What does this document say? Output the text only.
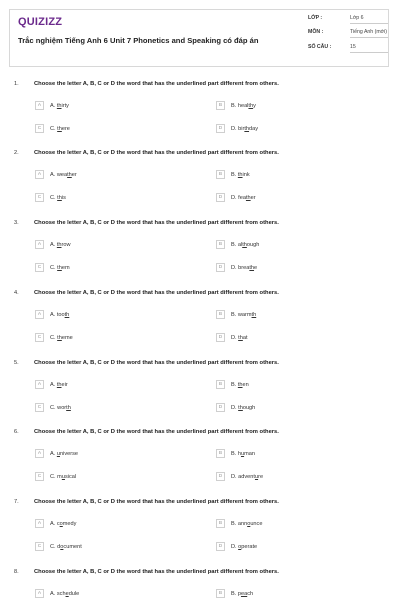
QUIZIZZ
Trắc nghiệm Tiếng Anh 6 Unit 7 Phonetics and Speaking có đáp án
LỚP :	Lớp 6
MÔN :	Tiếng Anh (mới)
SỐ CÂU :	15
1.	Choose the letter A, B, C or D the word that has the underlined part different from others.
A	A. thirty	B	B. healthy
C	C. there	D	D. birthday
2.	Choose the letter A, B, C or D the word that has the underlined part different from others.
A	A. weather	B	B. think
C	C. this	D	D. feather
3.	Choose the letter A, B, C or D the word that has the underlined part different from others.
A	A. throw	B	B. although
C	C. them	D	D. breathe
4.	Choose the letter A, B, C or D the word that has the underlined part different from others.
A	A. tooth	B	B. warmth
C	C. theme	D	D. that
5.	Choose the letter A, B, C or D the word that has the underlined part different from others.
A	A. their	B	B. then
C	C. worth	D	D. though
6.	Choose the letter A, B, C or D the word that has the underlined part different from others.
A	A. universe	B	B. human
C	C. musical	D	D. adventure
7.	Choose the letter A, B, C or D the word that has the underlined part different from others.
A	A. comedy	B	B. announce
C	C. document	D	D. operate
8.	Choose the letter A, B, C or D the word that has the underlined part different from others.
A	A. schedule	B	B. peach
